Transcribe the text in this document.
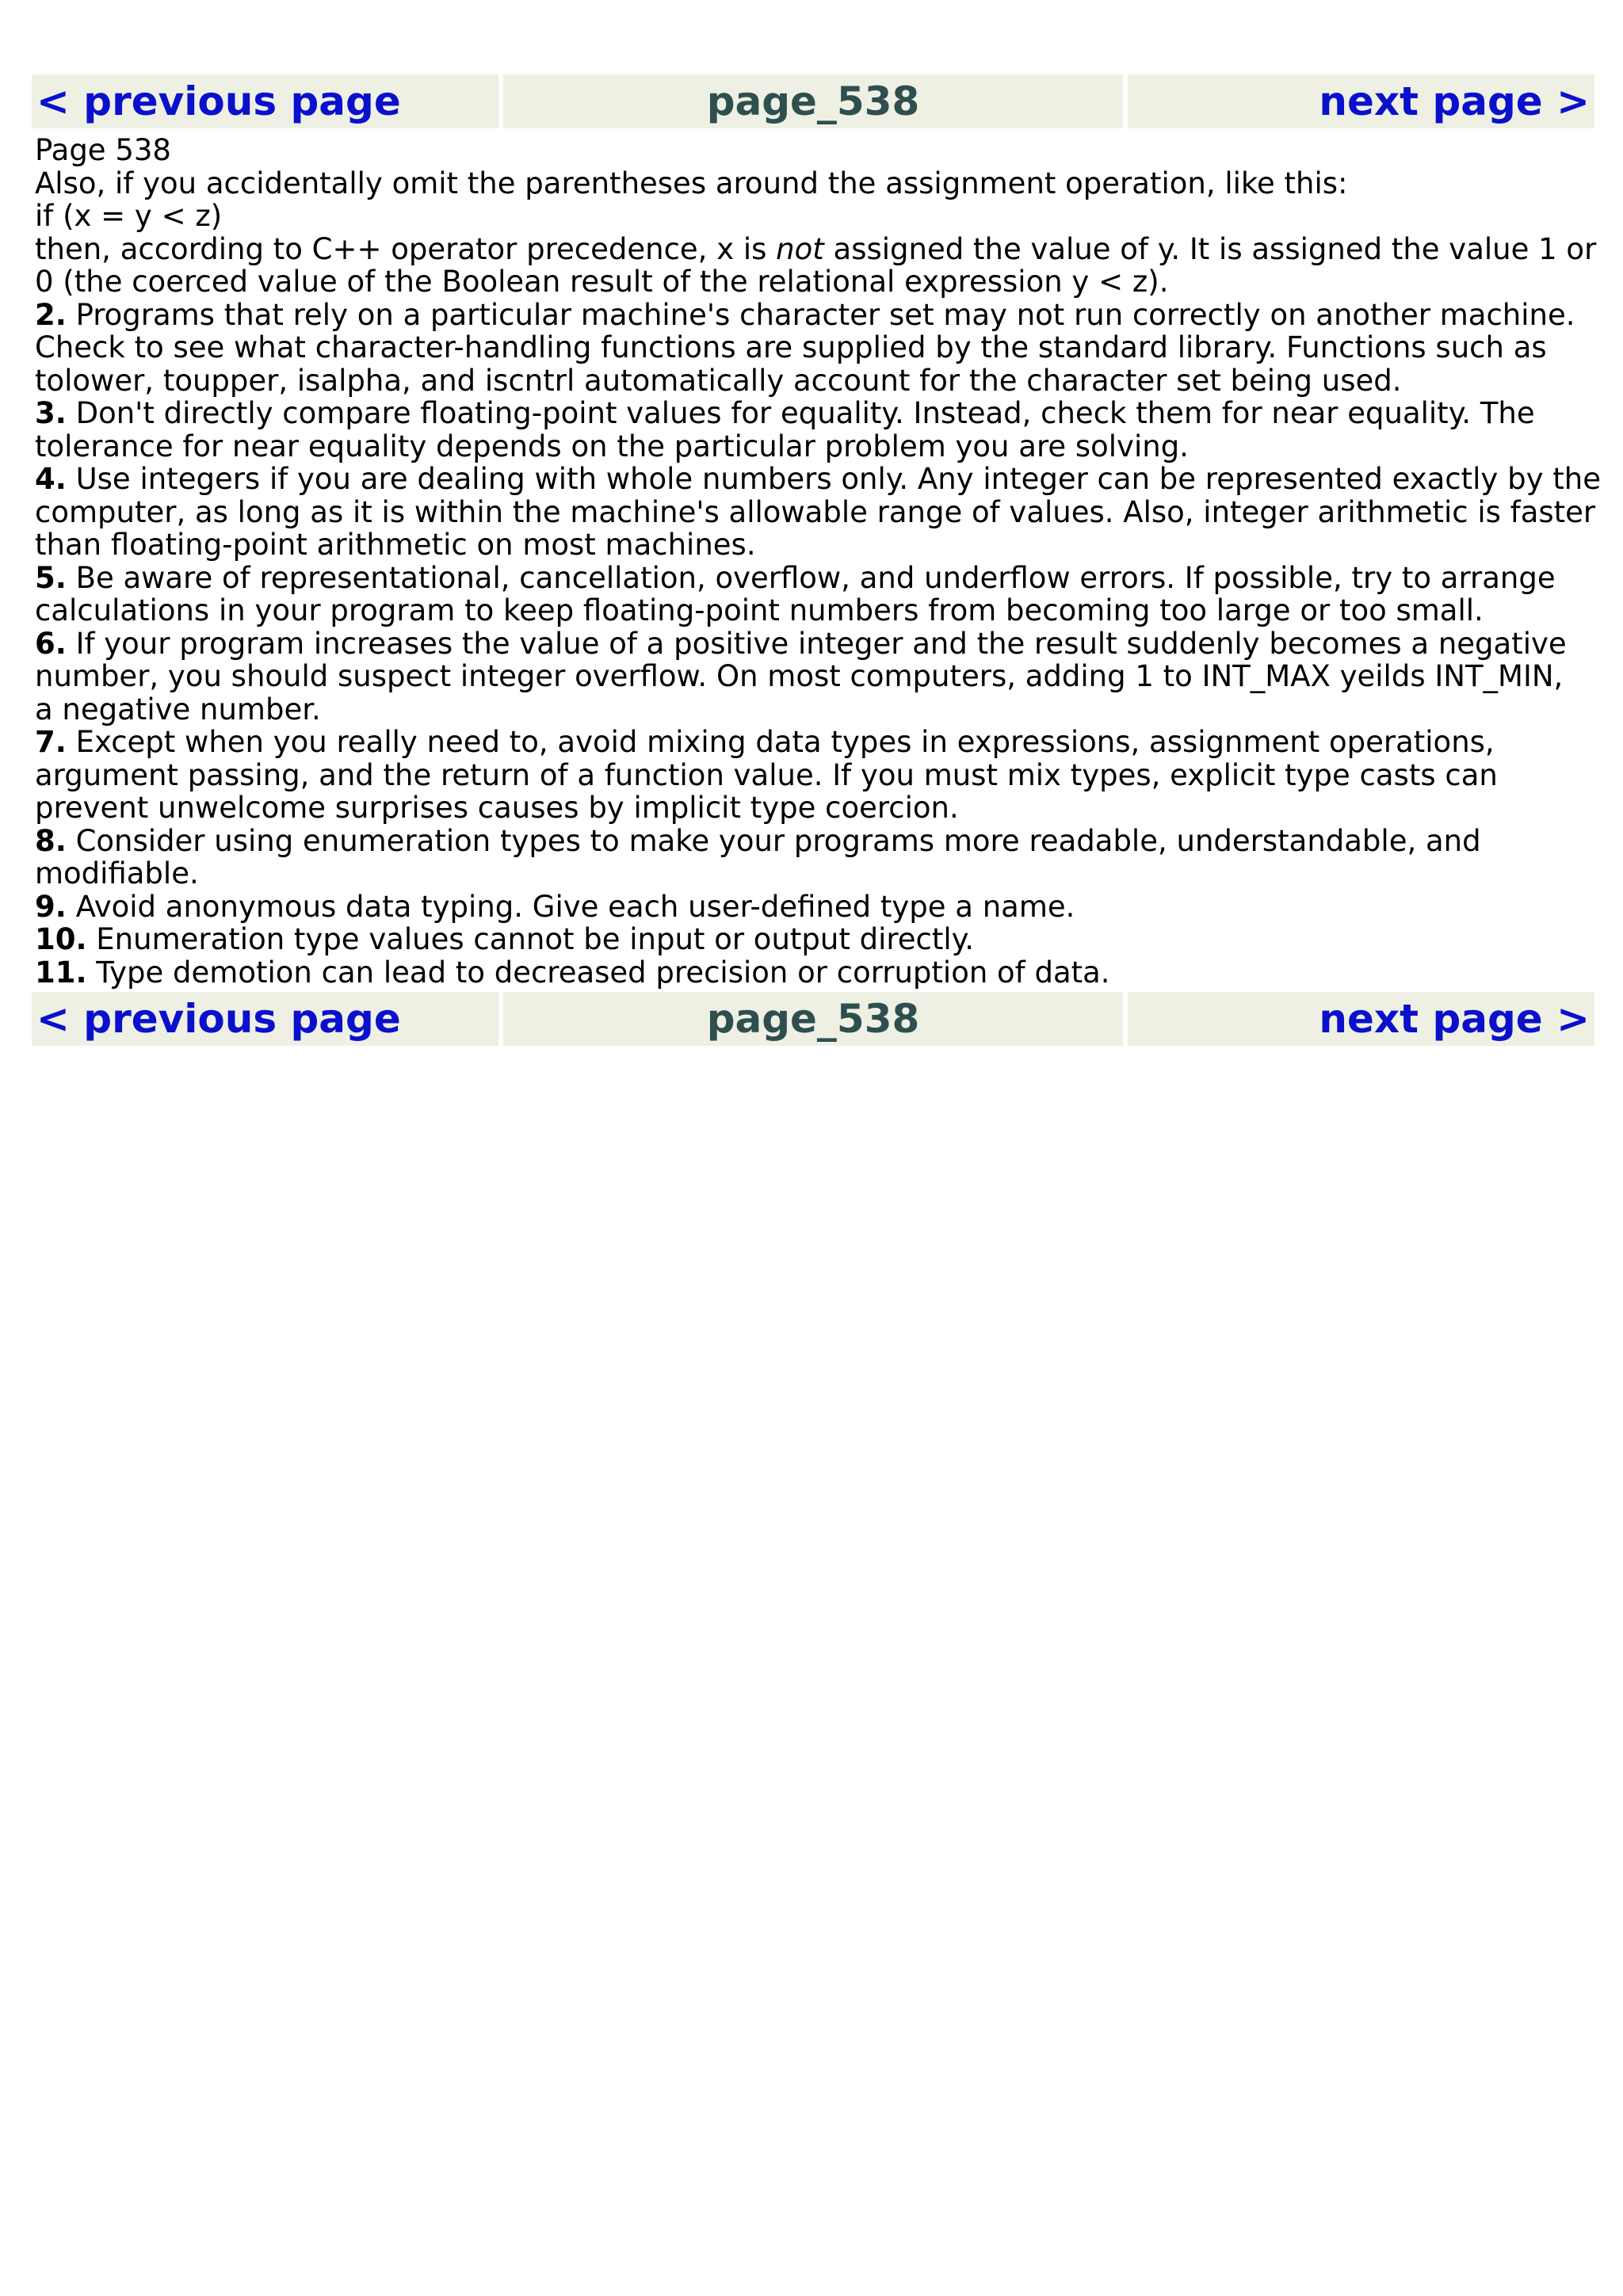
< previous page	page_538	next page >
Page 538
Also, if you accidentally omit the parentheses around the assignment operation, like this:
if (x = y < z)
then, according to C++ operator precedence, x is not assigned the value of y. It is assigned the value 1 or
0 (the coerced value of the Boolean result of the relational expression y < z).
2. Programs that rely on a particular machine's character set may not run correctly on another machine.
Check to see what character-handling functions are supplied by the standard library. Functions such as
tolower, toupper, isalpha, and iscntrl automatically account for the character set being used.
3. Don't directly compare floating-point values for equality. Instead, check them for near equality. The
tolerance for near equality depends on the particular problem you are solving.
4. Use integers if you are dealing with whole numbers only. Any integer can be represented exactly by the
computer, as long as it is within the machine's allowable range of values. Also, integer arithmetic is faster
than floating-point arithmetic on most machines.
5. Be aware of representational, cancellation, overflow, and underflow errors. If possible, try to arrange
calculations in your program to keep floating-point numbers from becoming too large or too small.
6. If your program increases the value of a positive integer and the result suddenly becomes a negative
number, you should suspect integer overflow. On most computers, adding 1 to INT_MAX yeilds INT_MIN,
a negative number.
7. Except when you really need to, avoid mixing data types in expressions, assignment operations,
argument passing, and the return of a function value. If you must mix types, explicit type casts can
prevent unwelcome surprises causes by implicit type coercion.
8. Consider using enumeration types to make your programs more readable, understandable, and
modifiable.
9. Avoid anonymous data typing. Give each user-defined type a name.
10. Enumeration type values cannot be input or output directly.
11. Type demotion can lead to decreased precision or corruption of data.
< previous page	page_538	next page >
